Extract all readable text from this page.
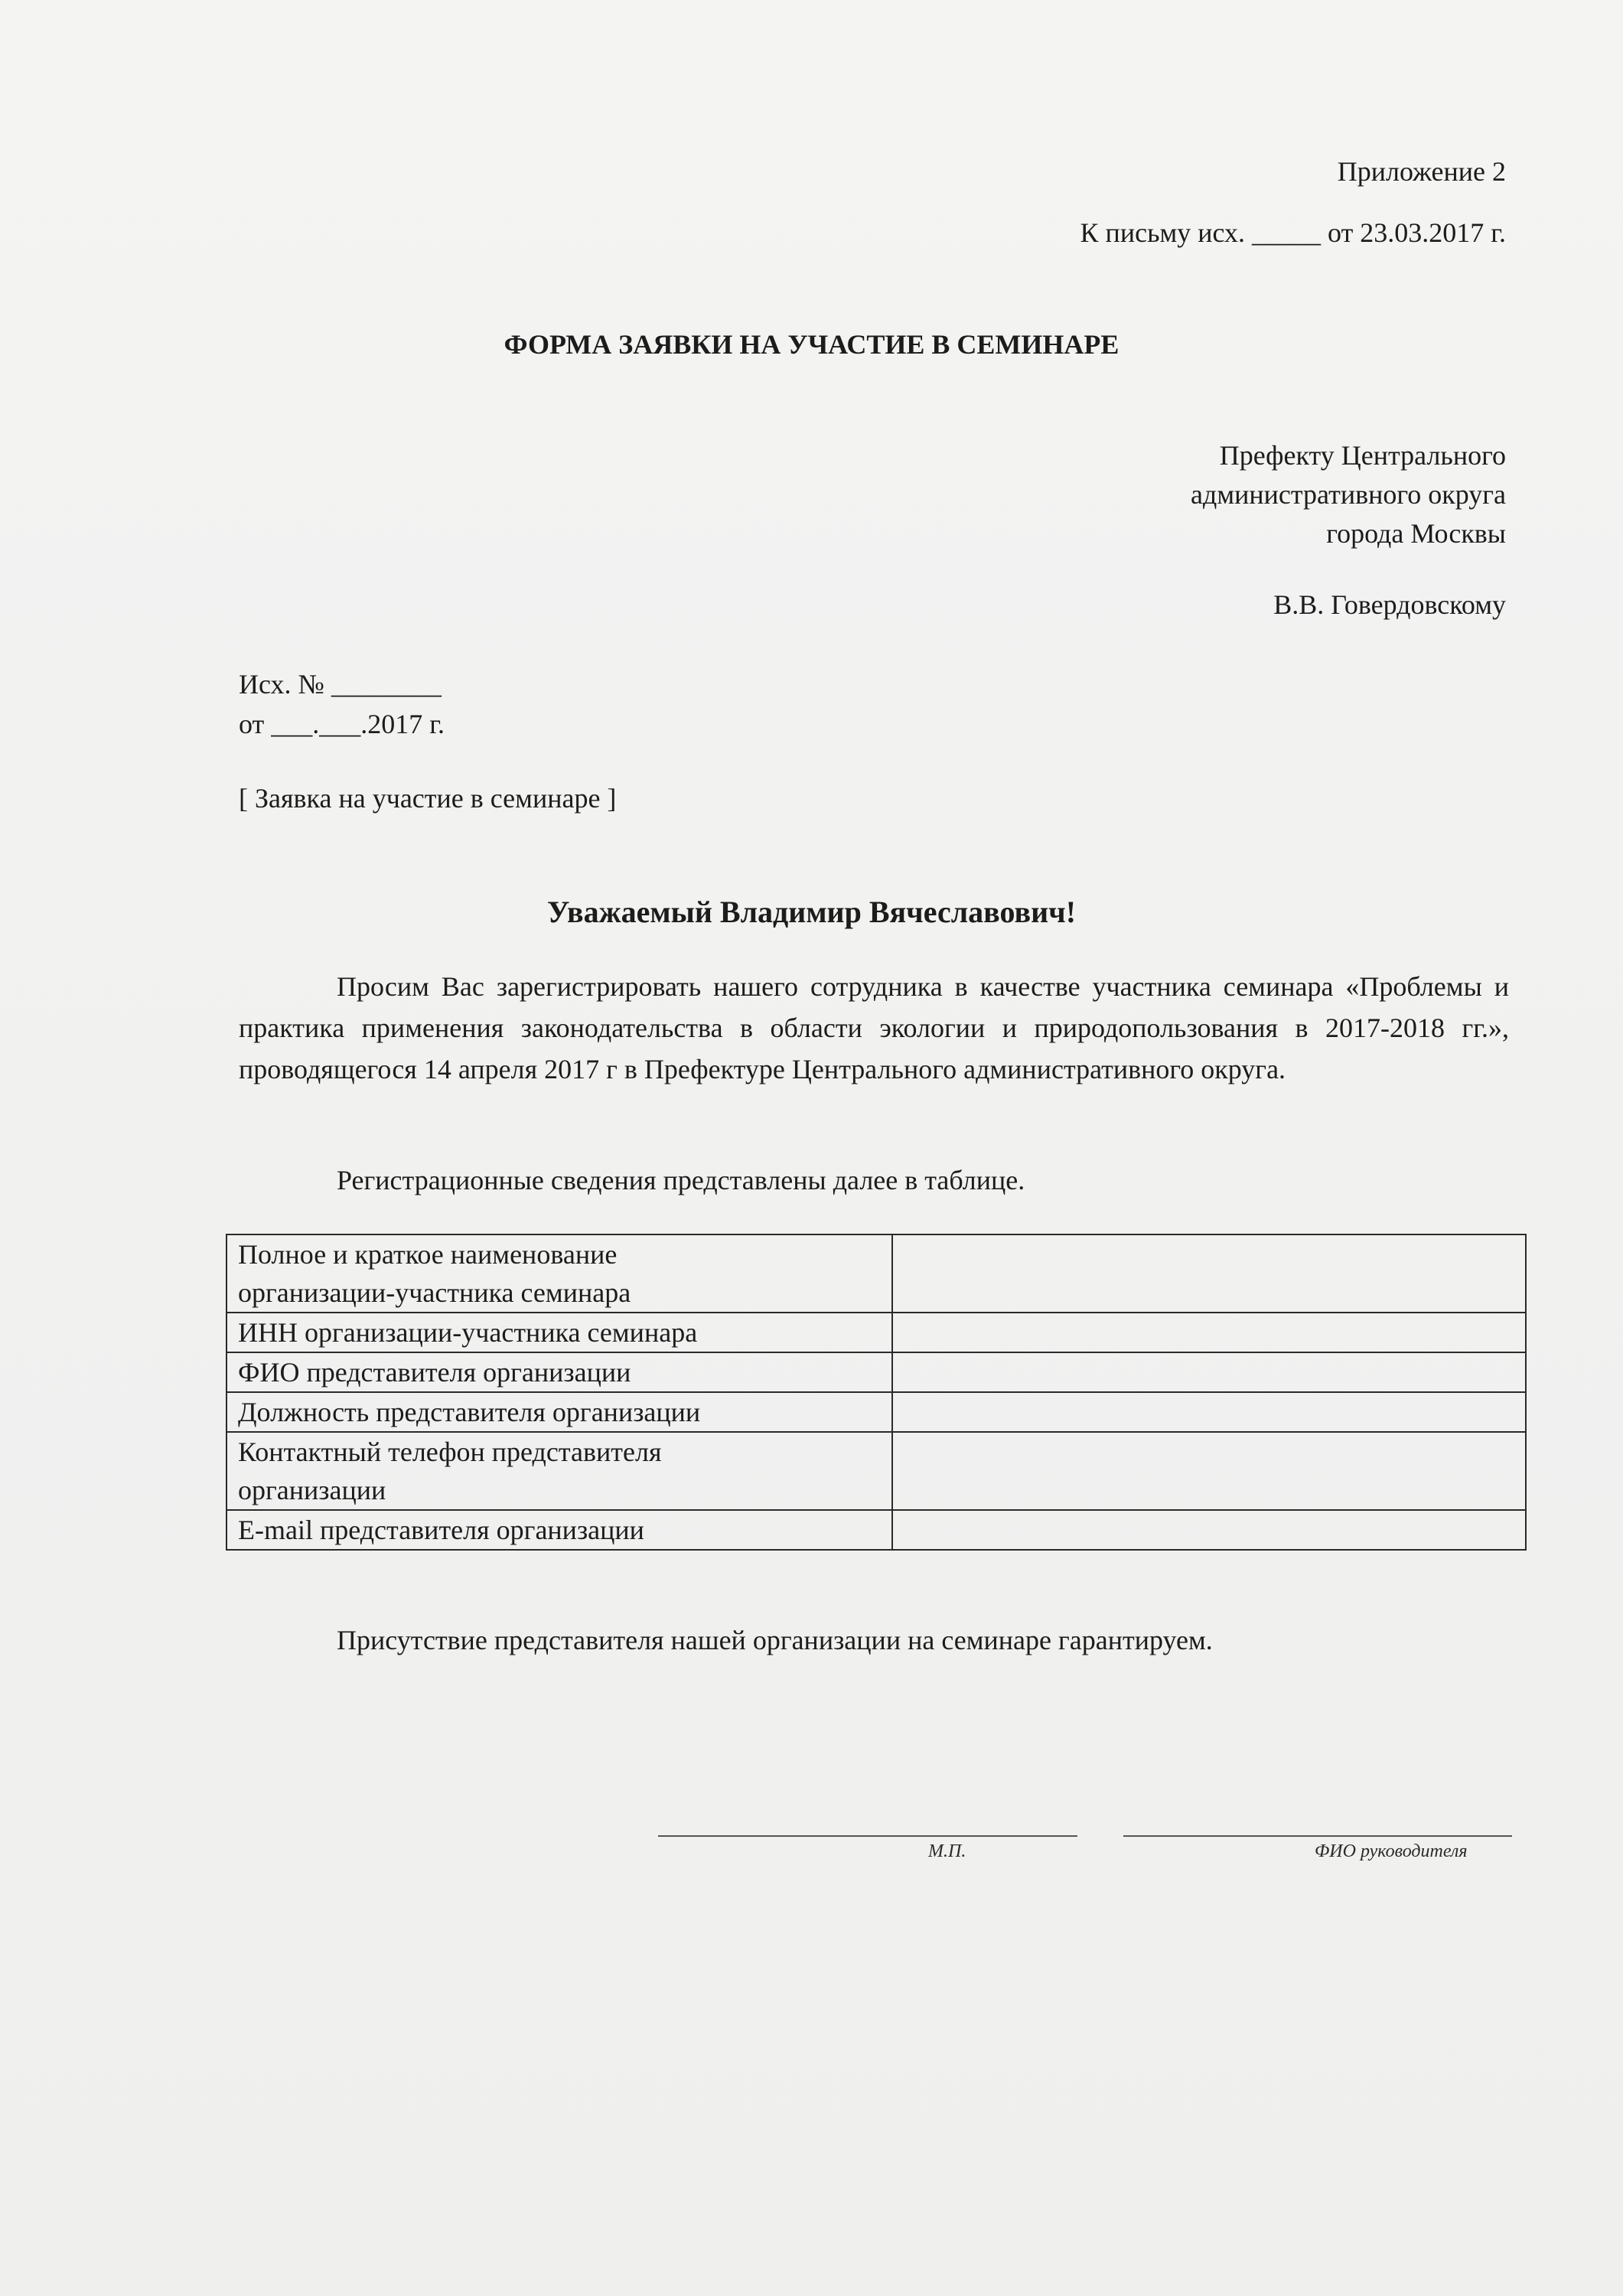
Приложение 2
К письму исх. _____ от 23.03.2017 г.
ФОРМА ЗАЯВКИ НА УЧАСТИЕ В СЕМИНАРЕ
Префекту Центрального
административного округа
города Москвы
В.В. Говердовскому
Исх. № ________
от ___.___.2017 г.
[ Заявка на участие в семинаре ]
Уважаемый Владимир Вячеславович!

Просим Вас зарегистрировать нашего сотрудника в качестве участника семинара «Проблемы и практика применения законодательства в области экологии и природопользования в 2017-2018 гг.», проводящегося 14 апреля 2017 г в Префектуре Центрального административного округа.

Регистрационные сведения представлены далее в таблице.
Полное и краткое наименование
организации-участника семинара	

ИНН организации-участника семинара	

ФИО представителя организации	

Должность представителя организации	

Контактный телефон представителя
организации	

E-mail представителя организации	

Присутствие представителя нашей организации на семинаре гарантируем.
М.П.	ФИО руководителя
